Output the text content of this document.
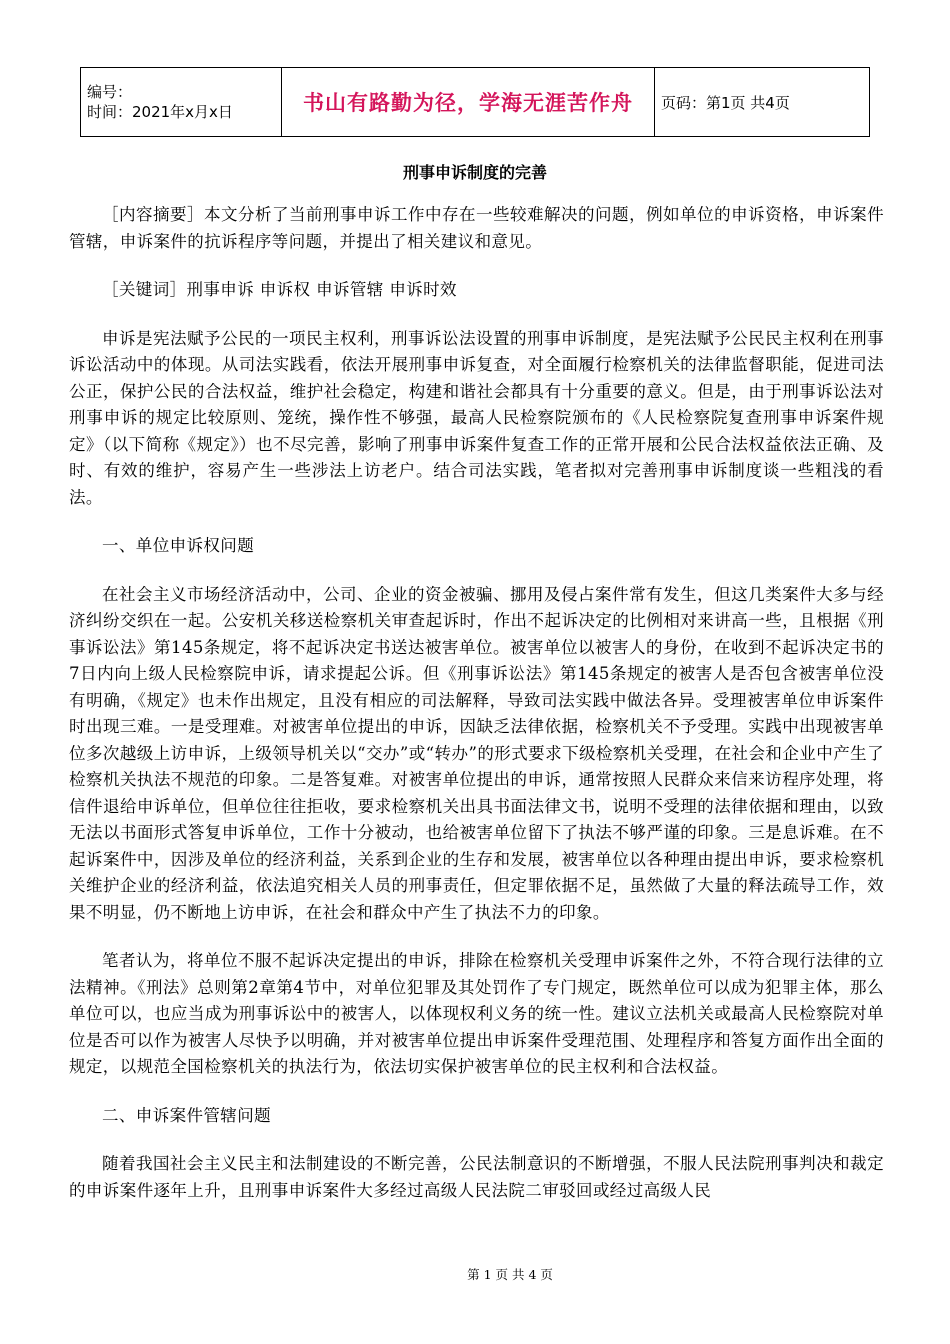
编号：
时间：2021年x月x日	书山有路勤为径，学海无涯苦作舟	页码：第1页 共4页
刑事申诉制度的完善

［内容摘要］本文分析了当前刑事申诉工作中存在一些较难解决的问题，例如单位的申诉资格，申诉案件管辖，申诉案件的抗诉程序等问题，并提出了相关建议和意见。

［关键词］刑事申诉 申诉权 申诉管辖 申诉时效

申诉是宪法赋予公民的一项民主权利，刑事诉讼法设置的刑事申诉制度，是宪法赋予公民民主权利在刑事诉讼活动中的体现。从司法实践看，依法开展刑事申诉复查，对全面履行检察机关的法律监督职能，促进司法公正，保护公民的合法权益，维护社会稳定，构建和谐社会都具有十分重要的意义。但是，由于刑事诉讼法对刑事申诉的规定比较原则、笼统，操作性不够强，最高人民检察院颁布的《人民检察院复查刑事申诉案件规定》（以下简称《规定》）也不尽完善，影响了刑事申诉案件复查工作的正常开展和公民合法权益依法正确、及时、有效的维护，容易产生一些涉法上访老户。结合司法实践，笔者拟对完善刑事申诉制度谈一些粗浅的看法。

一、单位申诉权问题

在社会主义市场经济活动中，公司、企业的资金被骗、挪用及侵占案件常有发生，但这几类案件大多与经济纠纷交织在一起。公安机关移送检察机关审查起诉时，作出不起诉决定的比例相对来讲高一些，且根据《刑事诉讼法》第145条规定，将不起诉决定书送达被害单位。被害单位以被害人的身份，在收到不起诉决定书的7日内向上级人民检察院申诉，请求提起公诉。但《刑事诉讼法》第145条规定的被害人是否包含被害单位没有明确，《规定》也未作出规定，且没有相应的司法解释，导致司法实践中做法各异。受理被害单位申诉案件时出现三难。一是受理难。对被害单位提出的申诉，因缺乏法律依据，检察机关不予受理。实践中出现被害单位多次越级上访申诉，上级领导机关以“交办”或“转办”的形式要求下级检察机关受理，在社会和企业中产生了检察机关执法不规范的印象。二是答复难。对被害单位提出的申诉，通常按照人民群众来信来访程序处理，将信件退给申诉单位，但单位往往拒收，要求检察机关出具书面法律文书，说明不受理的法律依据和理由，以致无法以书面形式答复申诉单位，工作十分被动，也给被害单位留下了执法不够严谨的印象。三是息诉难。在不起诉案件中，因涉及单位的经济利益，关系到企业的生存和发展，被害单位以各种理由提出申诉，要求检察机关维护企业的经济利益，依法追究相关人员的刑事责任，但定罪依据不足，虽然做了大量的释法疏导工作，效果不明显，仍不断地上访申诉，在社会和群众中产生了执法不力的印象。

笔者认为，将单位不服不起诉决定提出的申诉，排除在检察机关受理申诉案件之外，不符合现行法律的立法精神。《刑法》总则第2章第4节中，对单位犯罪及其处罚作了专门规定，既然单位可以成为犯罪主体，那么单位可以，也应当成为刑事诉讼中的被害人，以体现权利义务的统一性。建议立法机关或最高人民检察院对单位是否可以作为被害人尽快予以明确，并对被害单位提出申诉案件受理范围、处理程序和答复方面作出全面的规定，以规范全国检察机关的执法行为，依法切实保护被害单位的民主权利和合法权益。

二、申诉案件管辖问题

随着我国社会主义民主和法制建设的不断完善，公民法制意识的不断增强，不服人民法院刑事判决和裁定的申诉案件逐年上升，且刑事申诉案件大多经过高级人民法院二审驳回或经过高级人民

第 1 页 共 4 页
